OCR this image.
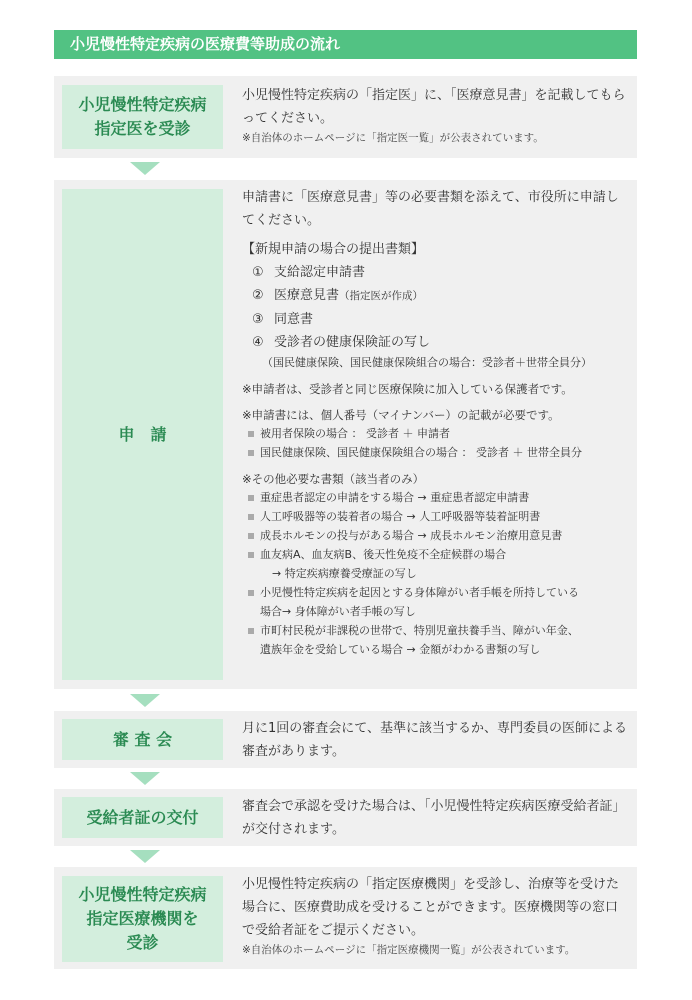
小児慢性特定疾病の医療費等助成の流れ
小児慢性特定疾病
指定医を受診
小児慢性特定疾病の「指定医」に、「医療意見書」を記載してもらってください。
※自治体のホームページに「指定医一覧」が公表されています。
申　請
申請書に「医療意見書」等の必要書類を添えて、市役所に申請してください。
【新規申請の場合の提出書類】
① 支給認定申請書
② 医療意見書（指定医が作成）
③ 同意書
④ 受診者の健康保険証の写し
（国民健康保険、国民健康保険組合の場合：受診者＋世帯全員分）
※申請者は、受診者と同じ医療保険に加入している保護者です。
※申請書には、個人番号（マイナンバー）の記載が必要です。
被用者保険の場合 ： 受診者 ＋ 申請者
国民健康保険、国民健康保険組合の場合 ： 受診者 ＋ 世帯全員分
※その他必要な書類（該当者のみ）
重症患者認定の申請をする場合 → 重症患者認定申請書
人工呼吸器等の装着者の場合 → 人工呼吸器等装着証明書
成長ホルモンの投与がある場合 → 成長ホルモン治療用意見書
血友病A、血友病B、後天性免疫不全症候群の場合
→ 特定疾病療養受療証の写し
小児慢性特定疾病を起因とする身体障がい者手帳を所持している
場合→ 身体障がい者手帳の写し
市町村民税が非課税の世帯で、特別児童扶養手当、障がい年金、
遺族年金を受給している場合 → 金額がわかる書類の写し
審 査 会
月に1回の審査会にて、基準に該当するか、専門委員の医師による審査があります。
受給者証の交付
審査会で承認を受けた場合は、「小児慢性特定疾病医療受給者証」が交付されます。
小児慢性特定疾病
指定医療機関を
受診
小児慢性特定疾病の「指定医療機関」を受診し、治療等を受けた場合に、医療費助成を受けることができます。医療機関等の窓口で受給者証をご提示ください。
※自治体のホームページに「指定医療機関一覧」が公表されています。
